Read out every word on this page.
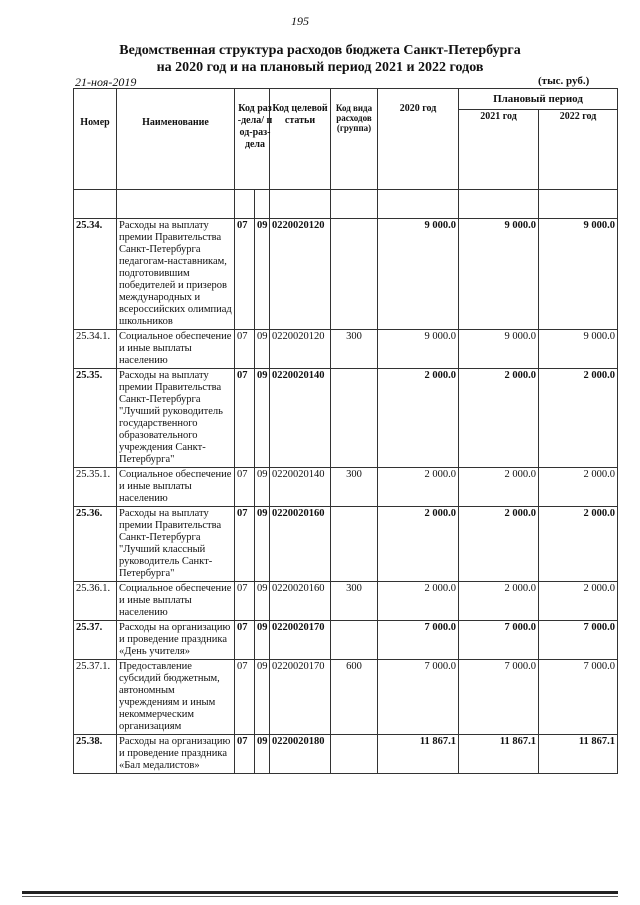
195
Ведомственная структура расходов бюджета Санкт-Петербурга
на 2020 год и на плановый период 2021 и 2022 годов
21-ноя-2019	(тыс. руб.)
Номер	Наименование	Код раз-дела/ под-раз-дела		Код целевой статьи	Код вида расходов (группа)	2020 год	Плановый период	
							2021 год	2022 год

25.34.	Расходы на выплату премии Правительства Санкт-Петербурга педагогам-наставникам, подготовившим победителей и призеров международных и всероссийских олимпиад школьников	07	09	0220020120		9 000.0	9 000.0	9 000.0
25.34.1.	Социальное обеспечение и иные выплаты населению	07	09	0220020120	300	9 000.0	9 000.0	9 000.0
25.35.	Расходы на выплату премии Правительства Санкт-Петербурга "Лучший руководитель государственного образовательного учреждения Санкт-Петербурга"	07	09	0220020140		2 000.0	2 000.0	2 000.0
25.35.1.	Социальное обеспечение и иные выплаты населению	07	09	0220020140	300	2 000.0	2 000.0	2 000.0
25.36.	Расходы на выплату премии Правительства Санкт-Петербурга "Лучший классный руководитель Санкт-Петербурга"	07	09	0220020160		2 000.0	2 000.0	2 000.0
25.36.1.	Социальное обеспечение и иные выплаты населению	07	09	0220020160	300	2 000.0	2 000.0	2 000.0
25.37.	Расходы на организацию и проведение праздника «День учителя»	07	09	0220020170		7 000.0	7 000.0	7 000.0
25.37.1.	Предоставление субсидий бюджетным, автономным учреждениям и иным некоммерческим организациям	07	09	0220020170	600	7 000.0	7 000.0	7 000.0
25.38.	Расходы на организацию и проведение праздника «Бал медалистов»	07	09	0220020180		11 867.1	11 867.1	11 867.1
